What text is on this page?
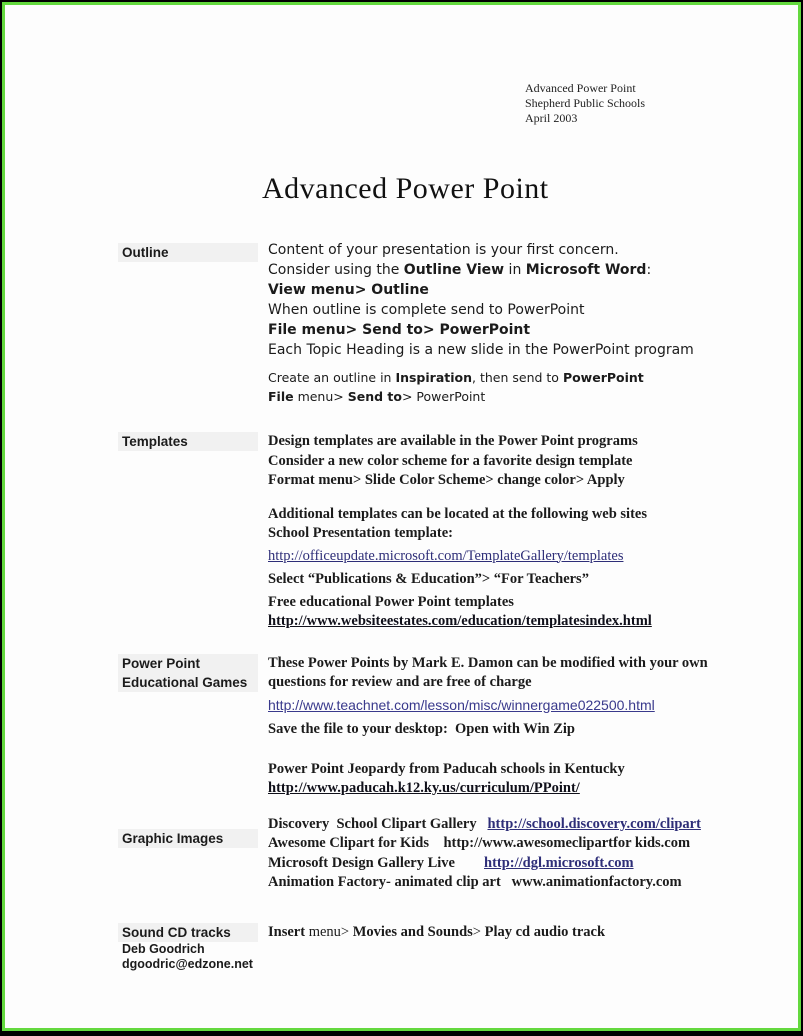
Advanced Power Point
Shepherd Public Schools
April 2003
Advanced Power Point
Outline	Content of your presentation is your first concern.
Consider using the Outline View in Microsoft Word:
View menu> Outline
When outline is complete send to PowerPoint
File menu> Send to> PowerPoint
Each Topic Heading is a new slide in the PowerPoint program
Create an outline in Inspiration, then send to PowerPoint
File menu> Send to> PowerPoint
Templates	Design templates are available in the Power Point programs
Consider a new color scheme for a favorite design template
Format menu> Slide Color Scheme> change color> Apply
Additional templates can be located at the following web sites
School Presentation template:
http://officeupdate.microsoft.com/TemplateGallery/templates
Select “Publications & Education”> “For Teachers”
Free educational Power Point templates
http://www.websiteestates.com/education/templatesindex.html
Power Point
Educational Games
These Power Points by Mark E. Damon can be modified with your own
questions for review and are free of charge
http://www.teachnet.com/lesson/misc/winnergame022500.html
Save the file to your desktop:  Open with Win Zip
Power Point Jeopardy from Paducah schools in Kentucky
http://www.paducah.k12.ky.us/curriculum/PPoint/
Graphic Images
Discovery  School Clipart Gallery   http://school.discovery.com/clipart
Awesome Clipart for Kids    http://www.awesomeclipartfor kids.com
Microsoft Design Gallery Live        http://dgl.microsoft.com
Animation Factory- animated clip art   www.animationfactory.com
Sound CD tracks
Deb Goodrich
dgoodric@edzone.net
Insert menu> Movies and Sounds> Play cd audio track
